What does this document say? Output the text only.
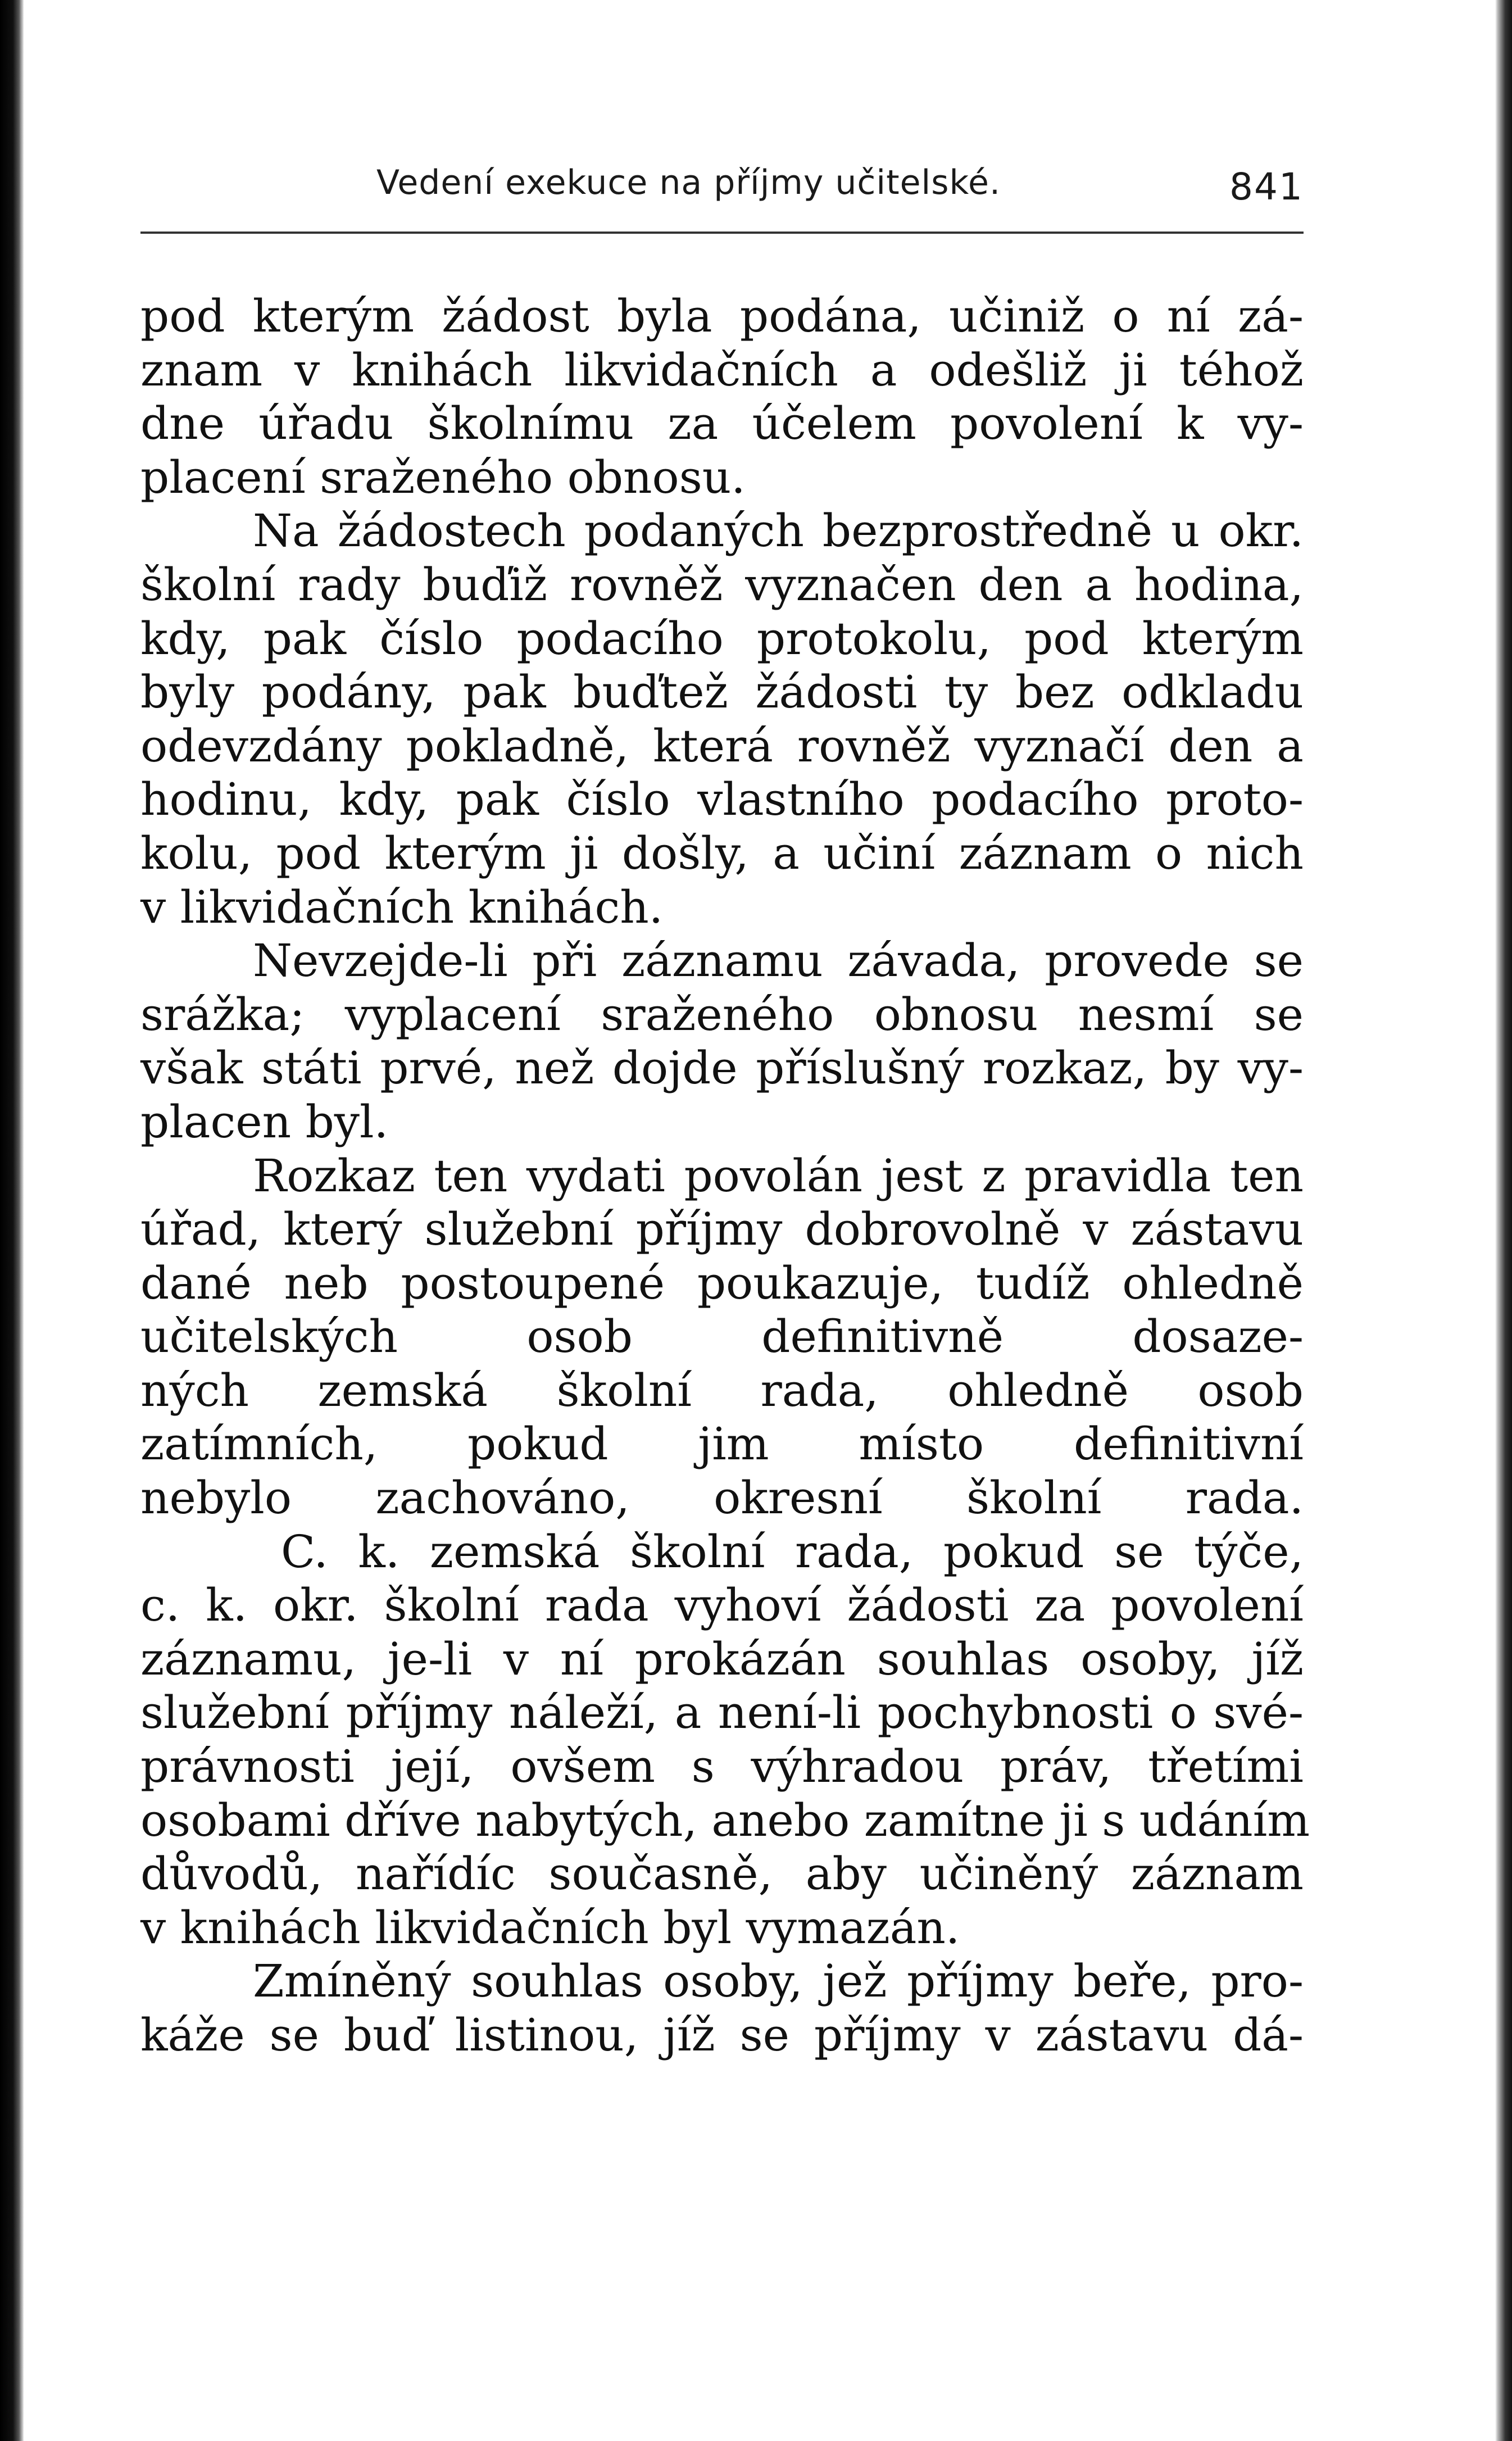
Vedení exekuce na příjmy učitelské.	841
pod kterým žádost byla podána, učiniž o ní zá-
znam v knihách likvidačních a odešliž ji téhož
dne úřadu školnímu za účelem povolení k vy-
placení sraženého obnosu.
Na žádostech podaných bezprostředně u okr.
školní rady buďiž rovněž vyznačen den a hodina,
kdy, pak číslo podacího protokolu, pod kterým
byly podány, pak buďtež žádosti ty bez odkladu
odevzdány pokladně, která rovněž vyznačí den a
hodinu, kdy, pak číslo vlastního podacího proto-
kolu, pod kterým ji došly, a učiní záznam o nich
v likvidačních knihách.
Nevzejde-li při záznamu závada, provede se
srážka; vyplacení sraženého obnosu nesmí se
však státi prvé, než dojde příslušný rozkaz, by vy-
placen byl.
Rozkaz ten vydati povolán jest z pravidla ten
úřad, který služební příjmy dobrovolně v zástavu
dané neb postoupené poukazuje, tudíž ohledně
učitelských osob definitivně dosaze-
ných zemská školní rada, ohledně osob
zatímních, pokud jim místo definitivní
nebylo zachováno, okresní školní rada.
C. k. zemská školní rada, pokud se týče,
c. k. okr. školní rada vyhoví žádosti za povolení
záznamu, je-li v ní prokázán souhlas osoby, jíž
služební příjmy náleží, a není-li pochybnosti o své-
právnosti její, ovšem s výhradou práv, třetími
osobami dříve nabytých, anebo zamítne ji s udáním
důvodů, nařídíc současně, aby učiněný záznam
v knihách likvidačních byl vymazán.
Zmíněný souhlas osoby, jež příjmy beře, pro-
káže se buď listinou, jíž se příjmy v zástavu dá-
